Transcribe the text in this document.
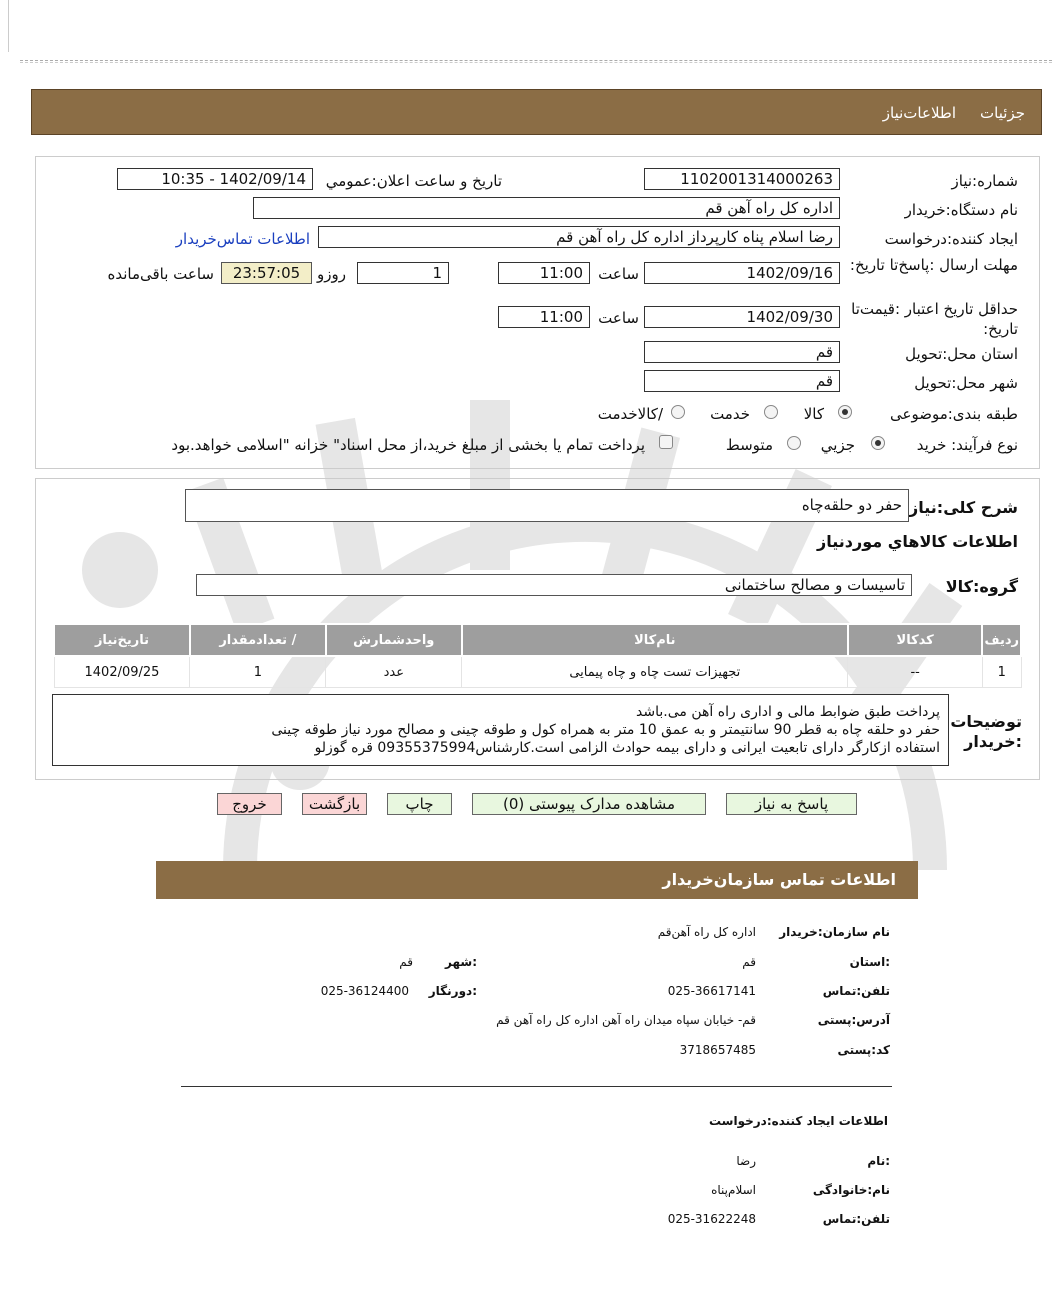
جزئیات
اطلاعات‌نیاز
شماره:نیاز
1102001314000263
تاریخ و ساعت اعلان:عمومي
1402/09/14 - 10:35
نام دستگاه:خریدار
اداره کل راه آهن قم
ایجاد کننده:درخواست
رضا اسلام پناه کارپرداز اداره کل راه آهن قم
اطلاعات تماس‌خریدار
مهلت ارسال :پاسخ‌تا تاریخ:
1402/09/16
ساعت
11:00
1
روزو
23:57:05
ساعت باقی‌مانده
حداقل تاریخ اعتبار :قیمت‌تا تاریخ:
1402/09/30
ساعت
11:00
استان محل:تحویل
قم
شهر محل:تحویل
قم
طبقه بندی:موضوعی
کالا
خدمت
/کالاخدمت
نوع فرآیند: خرید
جزیي
متوسط
پرداخت تمام یا بخشی از مبلغ خرید،از محل اسناد" خزانه "اسلامی خواهد.بود
شرح کلی:نیاز
حفر دو حلقه‌چاه
اطلاعات کالاهاي موردنیاز
گروه:کالا
تاسیسات و مصالح ساختمانی
ردیف	کدکالا	نام‌کالا	واحدشمارش	/ تعدادمقدار	تاریخ‌نیاز
1	--	تجهیزات تست چاه و چاه پیمایی	عدد	1	1402/09/25
توضیحات :خریدار
پرداخت طبق ضوابط مالی و اداری راه آهن می.باشد
حفر دو حلقه چاه به قطر 90 سانتیمتر و به عمق 10 متر به همراه کول و طوقه چینی و مصالح مورد نیاز طوقه چینی
استفاده ازکارگر دارای تابعیت ایرانی و دارای بیمه حوادث الزامی است.کارشناس09355375994 قره گوزلو
پاسخ به نیاز
مشاهده مدارک پیوستی (0)
چاپ
بازگشت
خروج
اطلاعات تماس سازمان‌خریدار
نام سازمان:خریدار
اداره کل راه آهن‌قم
:استان
قم
:شهر
قم
تلفن:تماس
025-36617141
:دورنگار
025-36124400
آدرس:پستی
قم- خیابان سپاه میدان راه آهن اداره کل راه آهن قم
کد:پستی
3718657485
اطلاعات ایجاد کننده:درخواست
:نام
رضا
نام:خانوادگی
اسلام‌پناه
تلفن:تماس
025-31622248
